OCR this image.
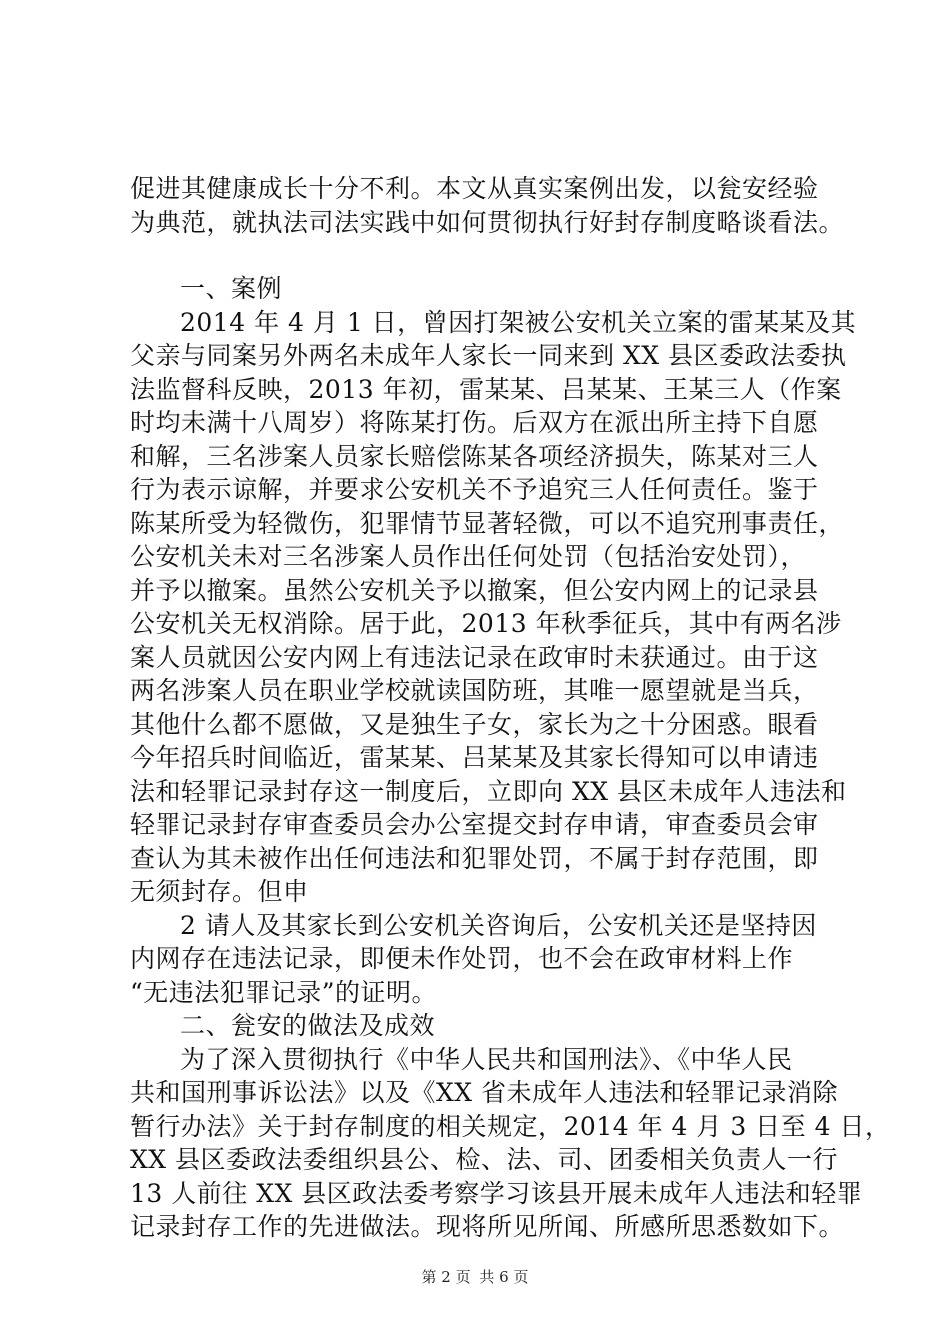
促进其健康成长十分不利。本文从真实案例出发，以瓮安经验
为典范，就执法司法实践中如何贯彻执行好封存制度略谈看法。
一、案例
2014 年 4 月 1 日，曾因打架被公安机关立案的雷某某及其
父亲与同案另外两名未成年人家长一同来到 XX 县区委政法委执
法监督科反映，2013 年初，雷某某、吕某某、王某三人（作案
时均未满十八周岁）将陈某打伤。后双方在派出所主持下自愿
和解，三名涉案人员家长赔偿陈某各项经济损失，陈某对三人
行为表示谅解，并要求公安机关不予追究三人任何责任。鉴于
陈某所受为轻微伤，犯罪情节显著轻微，可以不追究刑事责任，
公安机关未对三名涉案人员作出任何处罚（包括治安处罚），
并予以撤案。虽然公安机关予以撤案，但公安内网上的记录县
公安机关无权消除。居于此，2013 年秋季征兵，其中有两名涉
案人员就因公安内网上有违法记录在政审时未获通过。由于这
两名涉案人员在职业学校就读国防班，其唯一愿望就是当兵，
其他什么都不愿做，又是独生子女，家长为之十分困惑。眼看
今年招兵时间临近，雷某某、吕某某及其家长得知可以申请违
法和轻罪记录封存这一制度后，立即向 XX 县区未成年人违法和
轻罪记录封存审查委员会办公室提交封存申请，审查委员会审
查认为其未被作出任何违法和犯罪处罚，不属于封存范围，即
无须封存。但申
2 请人及其家长到公安机关咨询后，公安机关还是坚持因
内网存在违法记录，即便未作处罚，也不会在政审材料上作
“无违法犯罪记录”的证明。
二、瓮安的做法及成效
为了深入贯彻执行《中华人民共和国刑法》、《中华人民
共和国刑事诉讼法》以及《XX 省未成年人违法和轻罪记录消除
暂行办法》关于封存制度的相关规定，2014 年 4 月 3 日至 4 日，
XX 县区委政法委组织县公、检、法、司、团委相关负责人一行
13 人前往 XX 县区政法委考察学习该县开展未成年人违法和轻罪
记录封存工作的先进做法。现将所见所闻、所感所思悉数如下。
第 2 页 共 6 页
